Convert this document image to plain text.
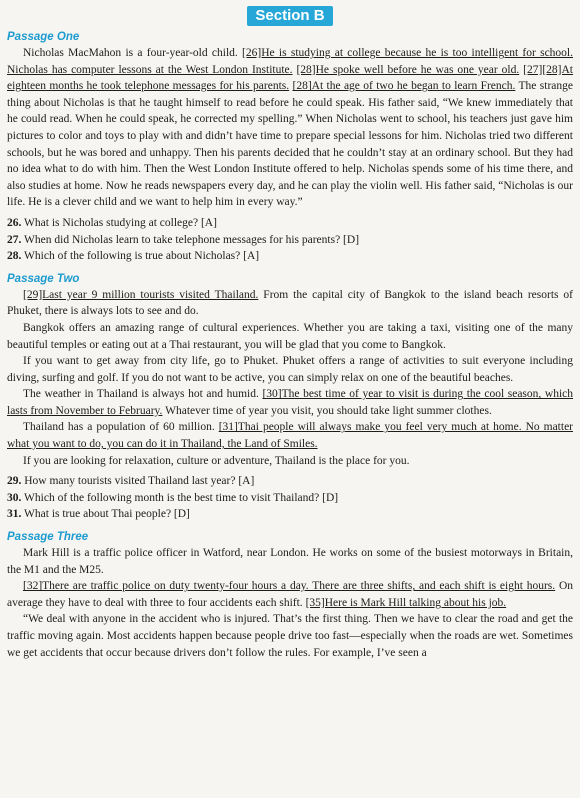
Section B
Passage One

Nicholas MacMahon is a four-year-old child. [26]He is studying at college because he is too intelligent for school. Nicholas has computer lessons at the West London Institute. [28]He spoke well before he was one year old. [27][28]At eighteen months he took telephone messages for his parents. [28]At the age of two he began to learn French. The strange thing about Nicholas is that he taught himself to read before he could speak. His father said, “We knew immediately that he could read. When he could speak, he corrected my spelling.” When Nicholas went to school, his teachers just gave him pictures to color and toys to play with and didn’t have time to prepare special lessons for him. Nicholas tried two different schools, but he was bored and unhappy. Then his parents decided that he couldn’t stay at an ordinary school. But they had no idea what to do with him. Then the West London Institute offered to help. Nicholas spends some of his time there, and also studies at home. Now he reads newspapers every day, and he can play the violin well. His father said, “Nicholas is our life. He is a clever child and we want to help him in every way.”

26. What is Nicholas studying at college? [A]
27. When did Nicholas learn to take telephone messages for his parents? [D]
28. Which of the following is true about Nicholas? [A]
Passage Two

[29]Last year 9 million tourists visited Thailand. From the capital city of Bangkok to the island beach resorts of Phuket, there is always lots to see and do.

Bangkok offers an amazing range of cultural experiences. Whether you are taking a taxi, visiting one of the many beautiful temples or eating out at a Thai restaurant, you will be glad that you come to Bangkok.

If you want to get away from city life, go to Phuket. Phuket offers a range of activities to suit everyone including diving, surfing and golf. If you do not want to be active, you can simply relax on one of the beautiful beaches.

The weather in Thailand is always hot and humid. [30]The best time of year to visit is during the cool season, which lasts from November to February. Whatever time of year you visit, you should take light summer clothes.

Thailand has a population of 60 million. [31]Thai people will always make you feel very much at home. No matter what you want to do, you can do it in Thailand, the Land of Smiles.

If you are looking for relaxation, culture or adventure, Thailand is the place for you.

29. How many tourists visited Thailand last year? [A]
30. Which of the following month is the best time to visit Thailand? [D]
31. What is true about Thai people? [D]
Passage Three

Mark Hill is a traffic police officer in Watford, near London. He works on some of the busiest motorways in Britain, the M1 and the M25.

[32]There are traffic police on duty twenty-four hours a day. There are three shifts, and each shift is eight hours. On average they have to deal with three to four accidents each shift. [35]Here is Mark Hill talking about his job.

“We deal with anyone in the accident who is injured. That’s the first thing. Then we have to clear the road and get the traffic moving again. Most accidents happen because people drive too fast—especially when the roads are wet. Sometimes we get accidents that occur because drivers don’t follow the rules. For example, I’ve seen a
